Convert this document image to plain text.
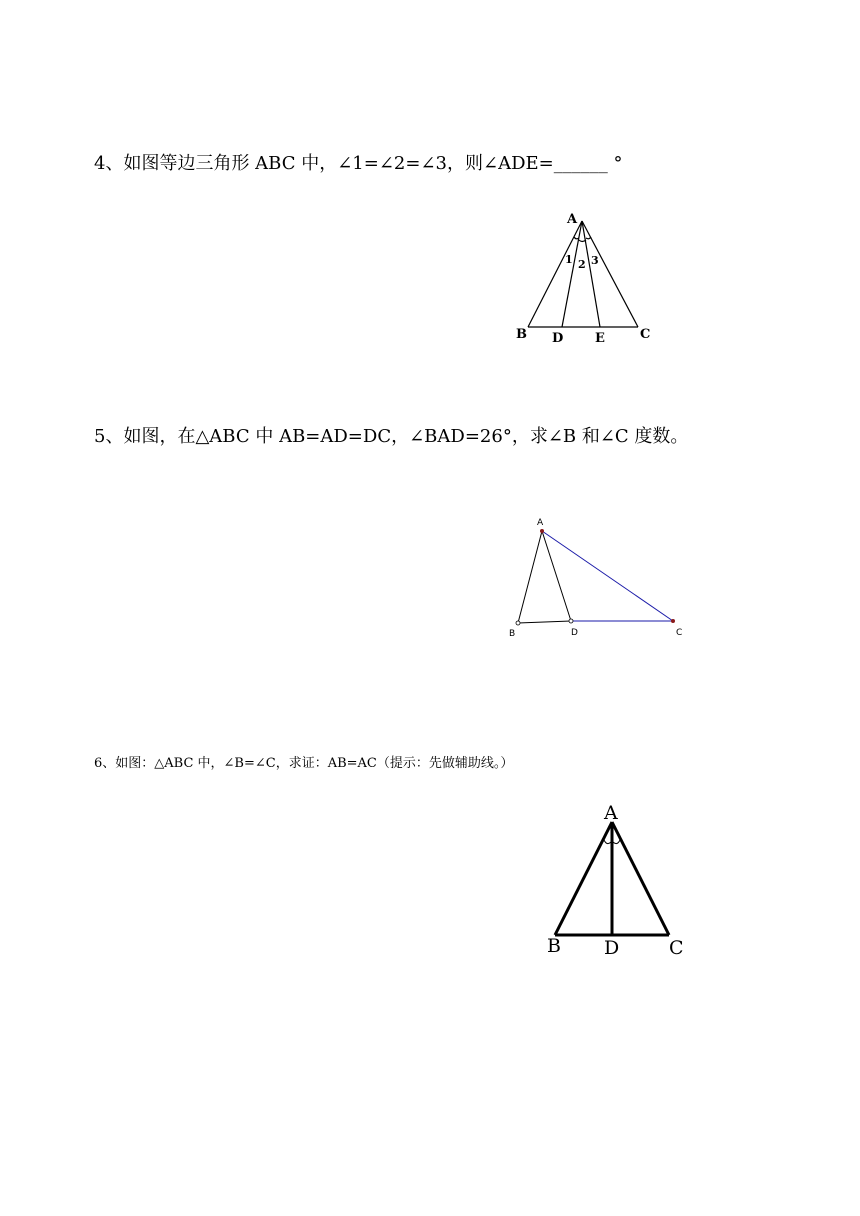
4、如图等边三角形 ABC 中，∠1=∠2=∠3，则∠ADE=______ °
A
B	C
D E
1 2 3
5、如图，在△ABC 中 AB=AD=DC，∠BAD=26°，求∠B 和∠C 度数。
A
B	C
D
6、如图：△ABC 中，∠B=∠C，求证：AB=AC（提示：先做辅助线。）
A
B	C
D
